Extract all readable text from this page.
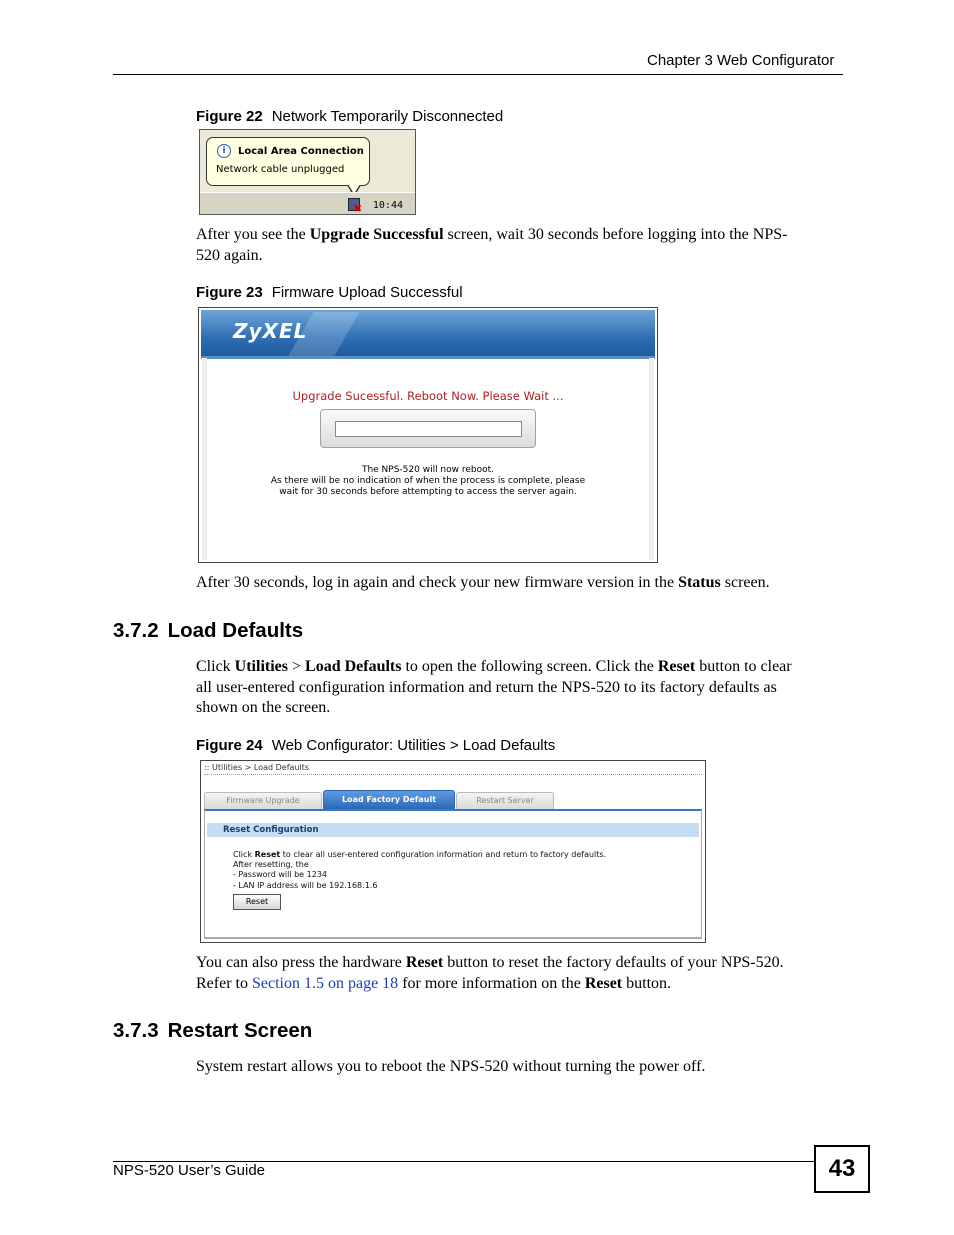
Chapter 3 Web Configurator
Figure 22 Network Temporarily Disconnected
i	Local Area Connection
Network cable unplugged
✖ 10:44
After you see the Upgrade Successful screen, wait 30 seconds before logging into the NPS-
520 again.
Figure 23 Firmware Upload Successful
ZyXEL
Upgrade Sucessful. Reboot Now. Please Wait ...
The NPS-520 will now reboot.
As there will be no indication of when the process is complete, please
wait for 30 seconds before attempting to access the server again.
After 30 seconds, log in again and check your new firmware version in the Status screen.
3.7.2 Load Defaults
Click Utilities > Load Defaults to open the following screen. Click the Reset button to clear
all user-entered configuration information and return the NPS-520 to its factory defaults as
shown on the screen.
Figure 24 Web Configurator: Utilities > Load Defaults
:: Utilities > Load Defaults
Firmware Upgrade	Load Factory Default	Restart Server
Reset Configuration
Click Reset to clear all user-entered configuration information and return to factory defaults.
After resetting, the
- Password will be 1234
- LAN IP address will be 192.168.1.6
Reset
You can also press the hardware Reset button to reset the factory defaults of your NPS-520.
Refer to Section 1.5 on page 18 for more information on the Reset button.
3.7.3 Restart Screen
System restart allows you to reboot the NPS-520 without turning the power off.
NPS-520 User’s Guide	43
